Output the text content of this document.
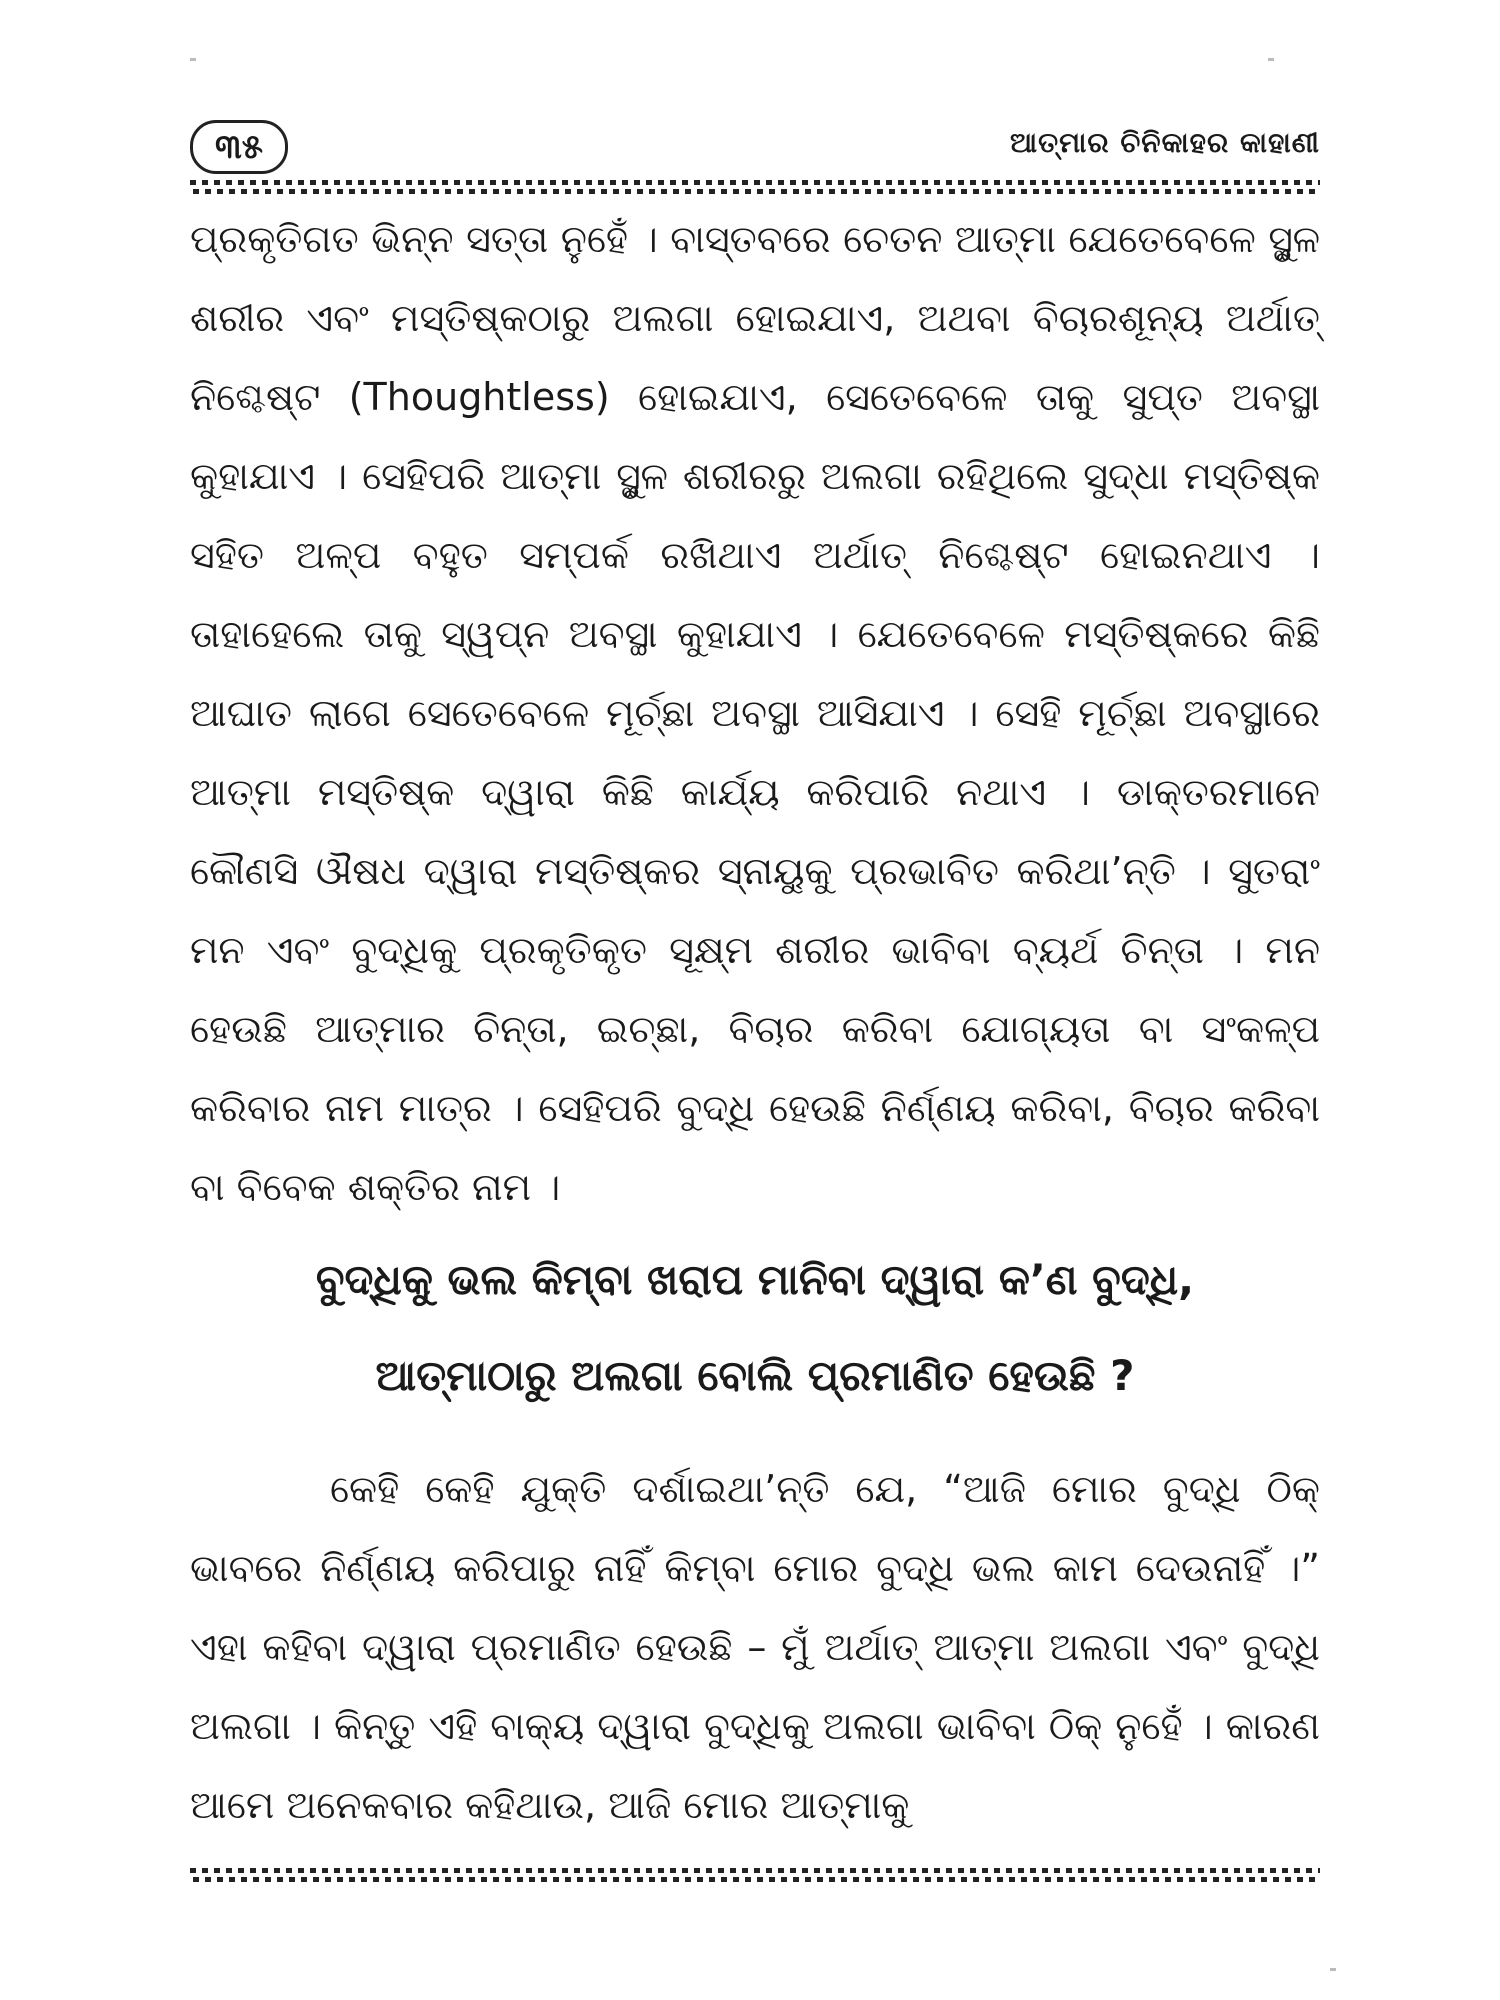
୩୫	ଆତ୍ମାର ଚିନିକାହର କାହାଣୀ

ପ୍ରକୃତିଗତ ଭିନ୍ନ ସତ୍ତା ନୁହେଁ । ବାସ୍ତବରେ ଚେତନ ଆତ୍ମା ଯେତେବେଳେ ସ୍ଥୁଳ ଶରୀର ଏବଂ ମସ୍ତିଷ୍କଠାରୁ ଅଲଗା ହୋଇଯାଏ, ଅଥବା ବିଚାରଶୂନ୍ୟ ଅର୍ଥାତ୍ ନିଶ୍ଚେଷ୍ଟ (Thoughtless) ହୋଇଯାଏ, ସେତେବେଳେ ତାକୁ ସୁପ୍ତ ଅବସ୍ଥା କୁହାଯାଏ । ସେହିପରି ଆତ୍ମା ସ୍ଥୁଳ ଶରୀରରୁ ଅଲଗା ରହିଥିଲେ ସୁଦ୍ଧା ମସ୍ତିଷ୍କ ସହିତ ଅଳ୍ପ ବହୁତ ସମ୍ପର୍କ ରଖିଥାଏ ଅର୍ଥାତ୍ ନିଶ୍ଚେଷ୍ଟ ହୋଇନଥାଏ । ତାହାହେଲେ ତାକୁ ସ୍ୱପ୍ନ ଅବସ୍ଥା କୁହାଯାଏ । ଯେତେବେଳେ ମସ୍ତିଷ୍କରେ କିଛି ଆଘାତ ଲାଗେ ସେତେବେଳେ ମୂର୍ଚ୍ଛା ଅବସ୍ଥା ଆସିଯାଏ । ସେହି ମୂର୍ଚ୍ଛା ଅବସ୍ଥାରେ ଆତ୍ମା ମସ୍ତିଷ୍କ ଦ୍ୱାରା କିଛି କାର୍ଯ୍ୟ କରିପାରି ନଥାଏ । ଡାକ୍ତରମାନେ କୌଣସି ଔଷଧ ଦ୍ୱାରା ମସ୍ତିଷ୍କର ସ୍ନାୟୁକୁ ପ୍ରଭାବିତ କରିଥା’ନ୍ତି । ସୁତରାଂ ମନ ଏବଂ ବୁଦ୍ଧିକୁ ପ୍ରକୃତିକୃତ ସୂକ୍ଷ୍ମ ଶରୀର ଭାବିବା ବ୍ୟର୍ଥ ଚିନ୍ତା । ମନ ହେଉଛି ଆତ୍ମାର ଚିନ୍ତା, ଇଚ୍ଛା, ବିଚାର କରିବା ଯୋଗ୍ୟତା ବା ସଂକଳ୍ପ କରିବାର ନାମ ମାତ୍ର । ସେହିପରି ବୁଦ୍ଧି ହେଉଛି ନିର୍ଣ୍ଣୟ କରିବା, ବିଚାର କରିବା ବା ବିବେକ ଶକ୍ତିର ନାମ ।

ବୁଦ୍ଧିକୁ ଭଲ କିମ୍ବା ଖରାପ ମାନିବା ଦ୍ୱାରା କ’ଣ ବୁଦ୍ଧି,
ଆତ୍ମାଠାରୁ ଅଲଗା ବୋଲି ପ୍ରମାଣିତ ହେଉଛି ?

କେହି କେହି ଯୁକ୍ତି ଦର୍ଶାଇଥା’ନ୍ତି ଯେ, “ଆଜି ମୋର ବୁଦ୍ଧି ଠିକ୍ ଭାବରେ ନିର୍ଣ୍ଣୟ କରିପାରୁ ନାହିଁ କିମ୍ବା ମୋର ବୁଦ୍ଧି ଭଲ କାମ ଦେଉନାହିଁ ।” ଏହା କହିବା ଦ୍ୱାରା ପ୍ରମାଣିତ ହେଉଛି – ମୁଁ ଅର୍ଥାତ୍ ଆତ୍ମା ଅଲଗା ଏବଂ ବୁଦ୍ଧି ଅଲଗା । କିନ୍ତୁ ଏହି ବାକ୍ୟ ଦ୍ୱାରା ବୁଦ୍ଧିକୁ ଅଲଗା ଭାବିବା ଠିକ୍ ନୁହେଁ । କାରଣ ଆମେ ଅନେକବାର କହିଥାଉ, ଆଜି ମୋର ଆତ୍ମାକୁ
